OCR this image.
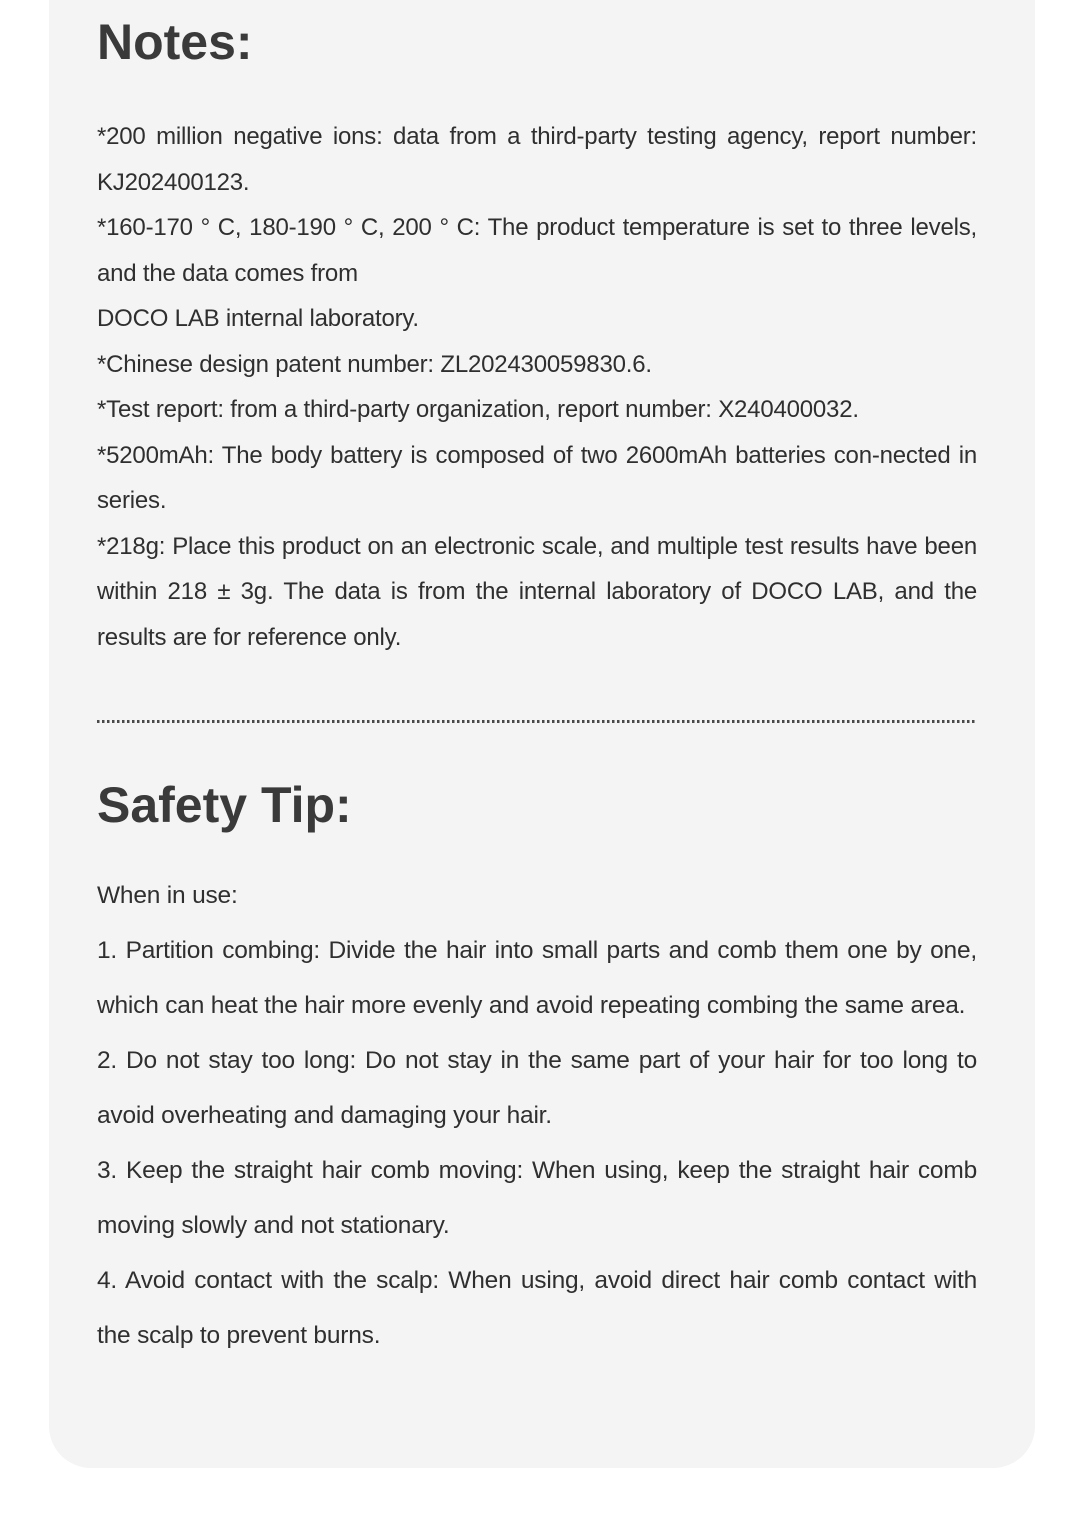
Notes:

*200 million negative ions: data from a third-party testing agency, report number: KJ202400123.

*160-170 ° C, 180-190 ° C, 200 ° C: The product temperature is set to three levels, and the data comes from

DOCO LAB internal laboratory.

*Chinese design patent number: ZL202430059830.6.

*Test report: from a third-party organization, report number: X240400032.

*5200mAh: The body battery is composed of two 2600mAh batteries con-nected in series.

*218g: Place this product on an electronic scale, and multiple test results have been within 218 ± 3g. The data is from the internal laboratory of DOCO LAB, and the results are for reference only.

Safety Tip:

When in use:

1. Partition combing: Divide the hair into small parts and comb them one by one, which can heat the hair more evenly and avoid repeating combing the same area.

2. Do not stay too long: Do not stay in the same part of your hair for too long to avoid overheating and damaging your hair.

3. Keep the straight hair comb moving: When using, keep the straight hair comb moving slowly and not stationary.

4. Avoid contact with the scalp: When using, avoid direct hair comb contact with the scalp to prevent burns.
